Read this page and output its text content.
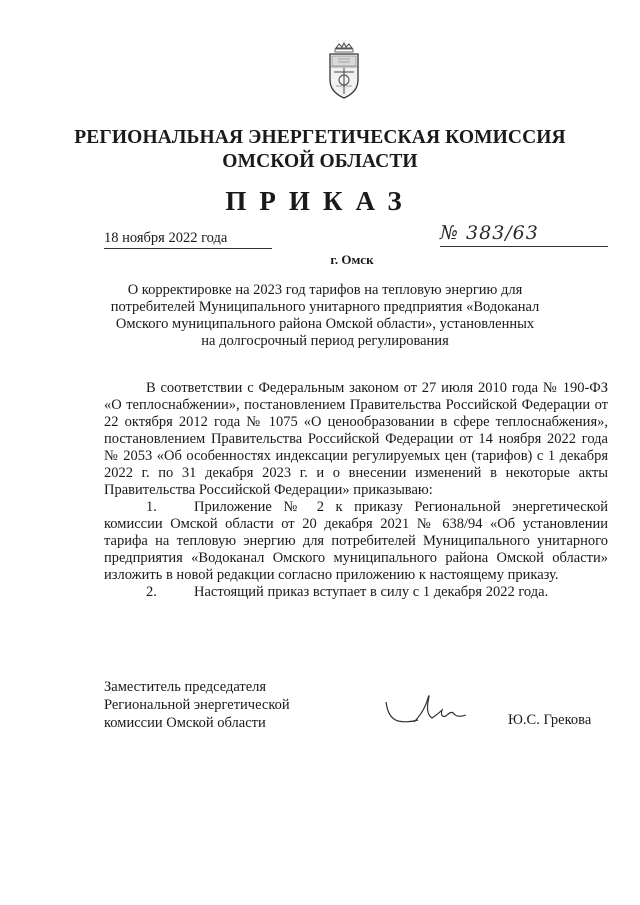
РЕГИОНАЛЬНАЯ ЭНЕРГЕТИЧЕСКАЯ КОМИССИЯ
ОМСКОЙ ОБЛАСТИ
ПРИКАЗ
18 ноября 2022 года	№ 383/63
г. Омск
О корректировке на 2023 год тарифов на тепловую энергию для потребителей Муниципального унитарного предприятия «Водоканал Омского муниципального района Омской области», установленных на долгосрочный период регулирования

В соответствии с Федеральным законом от 27 июля 2010 года № 190-ФЗ «О теплоснабжении», постановлением Правительства Российской Федерации от 22 октября 2012 года № 1075 «О ценообразовании в сфере теплоснабжения», постановлением Правительства Российской Федерации от 14 ноября 2022 года № 2053 «Об особенностях индексации регулируемых цен (тарифов) с 1 декабря 2022 г. по 31 декабря 2023 г. и о внесении изменений в некоторые акты Правительства Российской Федерации» приказываю:

1.	Приложение № 2 к приказу Региональной энергетической комиссии Омской области от 20 декабря 2021 № 638/94 «Об установлении тарифа на тепловую энергию для потребителей Муниципального унитарного предприятия «Водоканал Омского муниципального района Омской области» изложить в новой редакции согласно приложению к настоящему приказу.

2.	Настоящий приказ вступает в силу с 1 декабря 2022 года.

Заместитель председателя
Региональной энергетической
комиссии Омской области	Ю.С. Грекова
